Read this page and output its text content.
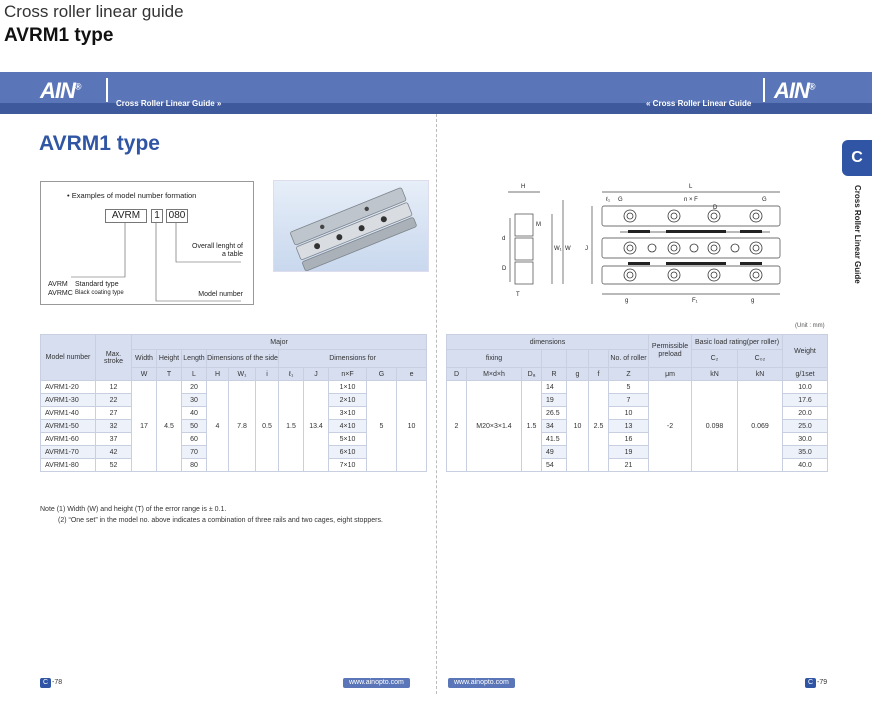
Cross roller linear guide
AVRM1 type
AIN®
Cross Roller Linear Guide »	« Cross Roller Linear Guide
AIN®
AVRM1 type
C
Cross Roller Linear Guide
• Examples of model number formation
AVRM	1 080
Overall lenght of
a table
AVRM Standard type
AVRMC Black coating type	Model number
H
T
M
d
D
W
W₁	J
L
G	n × F
D
G
g	F₁	g
ℓ₁
(Unit : mm)
Model number	Max. stroke	Major										
		Width	Height	Length	Dimensions of the side			Dimensions for				
		W	T	L	H	W₁	i	ℓ₁	J	n×F	G	e
AVRM1-20	12	17	4.5	20	4	7.8	0.5	1.5	13.4	1×10	5	10
AVRM1-30	22			30						2×10		
AVRM1-40	27			40						3×10		
AVRM1-50	32			50						4×10		
AVRM1-60	37			60						5×10		
AVRM1-70	42			70						6×10		
AVRM1-80	52			80						7×10		
dimensions							Permissible preload	Basic load rating(per roller)		Weight
fixing						No. of roller		C₂	C₀₂	
D	M×d×h	Dₐ	R	g	f	Z	μm	kN	kN	g/1set
2	M20×3×1.4	1.5	14	10	2.5	5	-2	0.098	0.069	10.0
			19			7				17.6
			26.5			10				20.0
			34			13				25.0
			41.5			16				30.0
			49			19				35.0
			54			21				40.0
Note (1) Width (W) and height (T) of the error range is ± 0.1.
(2) “One set” in the model no. above indicates a combination of three rails and two cages, eight stoppers.
C -78	www.ainopto.com	www.ainopto.com	C -79
